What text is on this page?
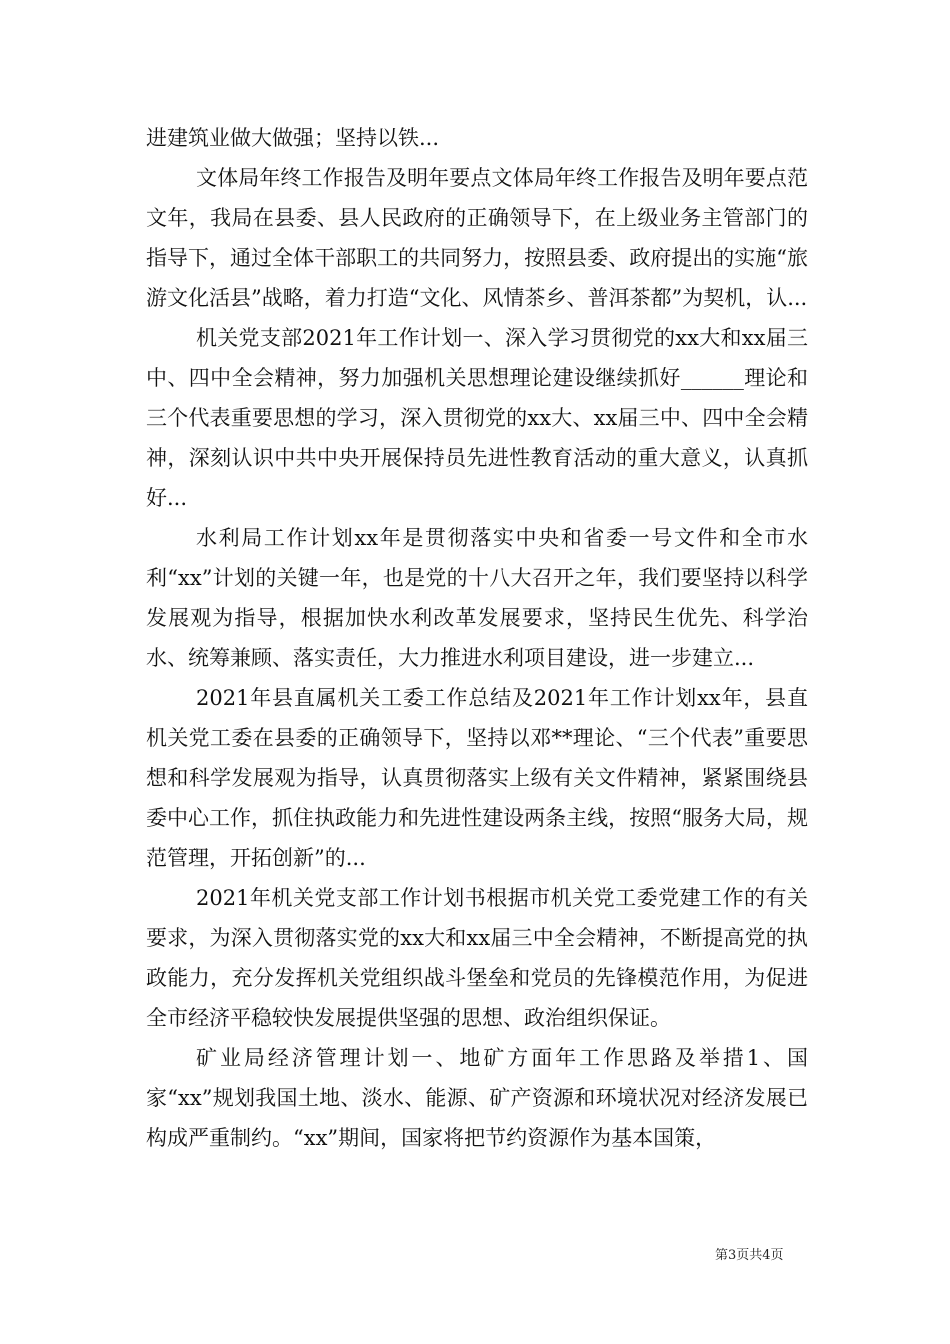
进建筑业做大做强；坚持以铁...

文体局年终工作报告及明年要点文体局年终工作报告及明年要点范文年，我局在县委、县人民政府的正确领导下，在上级业务主管部门的指导下，通过全体干部职工的共同努力，按照县委、政府提出的实施“旅游文化活县”战略，着力打造“文化、风情茶乡、普洱茶都”为契机，认...

机关党支部2021年工作计划一、深入学习贯彻党的xx大和xx届三中、四中全会精神，努力加强机关思想理论建设继续抓好______理论和三个代表重要思想的学习，深入贯彻党的xx大、xx届三中、四中全会精神，深刻认识中共中央开展保持员先进性教育活动的重大意义，认真抓好...

水利局工作计划xx年是贯彻落实中央和省委一号文件和全市水利“xx”计划的关键一年，也是党的十八大召开之年，我们要坚持以科学发展观为指导，根据加快水利改革发展要求，坚持民生优先、科学治水、统筹兼顾、落实责任，大力推进水利项目建设，进一步建立...

2021年县直属机关工委工作总结及2021年工作计划xx年，县直机关党工委在县委的正确领导下，坚持以邓**理论、“三个代表”重要思想和科学发展观为指导，认真贯彻落实上级有关文件精神，紧紧围绕县委中心工作，抓住执政能力和先进性建设两条主线，按照“服务大局，规范管理，开拓创新”的...

2021年机关党支部工作计划书根据市机关党工委党建工作的有关要求，为深入贯彻落实党的xx大和xx届三中全会精神，不断提高党的执政能力，充分发挥机关党组织战斗堡垒和党员的先锋模范作用，为促进全市经济平稳较快发展提供坚强的思想、政治组织保证。

矿业局经济管理计划一、地矿方面年工作思路及举措1、国家“xx”规划我国土地、淡水、能源、矿产资源和环境状况对经济发展已构成严重制约。“xx”期间，国家将把节约资源作为基本国策，

第3页共4页
